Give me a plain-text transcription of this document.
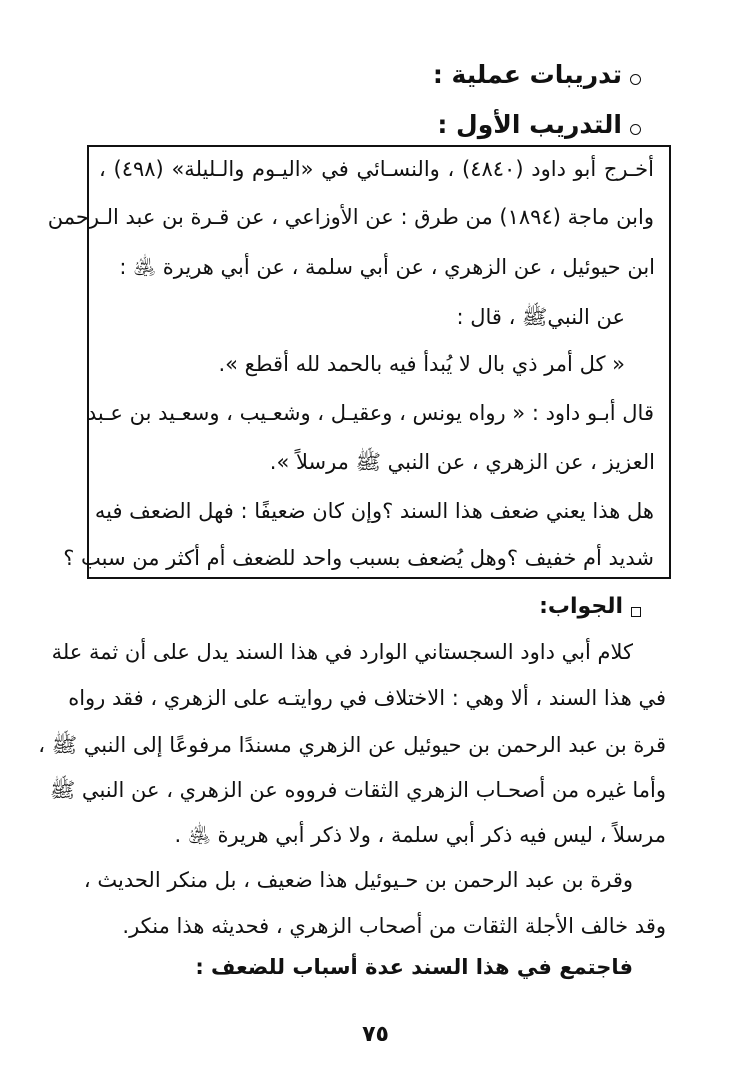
تدريبات عملية :
التدريب الأول :
أخـرج أبو داود (٤٨٤٠) ، والنسـائي في «اليـوم والـليلة» (٤٩٨) ،
وابن ماجة (١٨٩٤) من طرق : عن الأوزاعي ، عن قـرة بن عبد الـرحمن
ابن حيوئيل ، عن الزهري ، عن أبي سلمة ، عن أبي هريرة ﵁ :
عن النبيﷺ ، قال :
« كل أمر ذي بال لا يُبدأ فيه بالحمد لله أقطع ».
قال أبـو داود : « رواه يونس ، وعقيـل ، وشعـيب ، وسعـيد بن عـبد
العزيز ، عن الزهري ، عن النبي ﷺ مرسلاً ».
هل هذا يعني ضعف هذا السند ؟وإن كان ضعيفًا : فهل الضعف فيه
شديد أم خفيف ؟وهل يُضعف بسبب واحد للضعف أم أكثر من سبب ؟
الجواب:
كلام أبي داود السجستاني الوارد في هذا السند يدل على أن ثمة علة
في هذا السند ، ألا وهي : الاختلاف في روايتـه على الزهري ، فقد رواه
قرة بن عبد الرحمن بن حيوئيل عن الزهري مسندًا مرفوعًا إلى النبي ﷺ ،
وأما غيره من أصحـاب الزهري الثقات فرووه عن الزهري ، عن النبي ﷺ
مرسلاً ، ليس فيه ذكر أبي سلمة ، ولا ذكر أبي هريرة ﵁ .
وقرة بن عبد الرحمن بن حـيوئيل هذا ضعيف ، بل منكر الحديث ،
وقد خالف الأجلة الثقات من أصحاب الزهري ، فحديثه هذا منكر.
فاجتمع في هذا السند عدة أسباب للضعف :
٧٥
